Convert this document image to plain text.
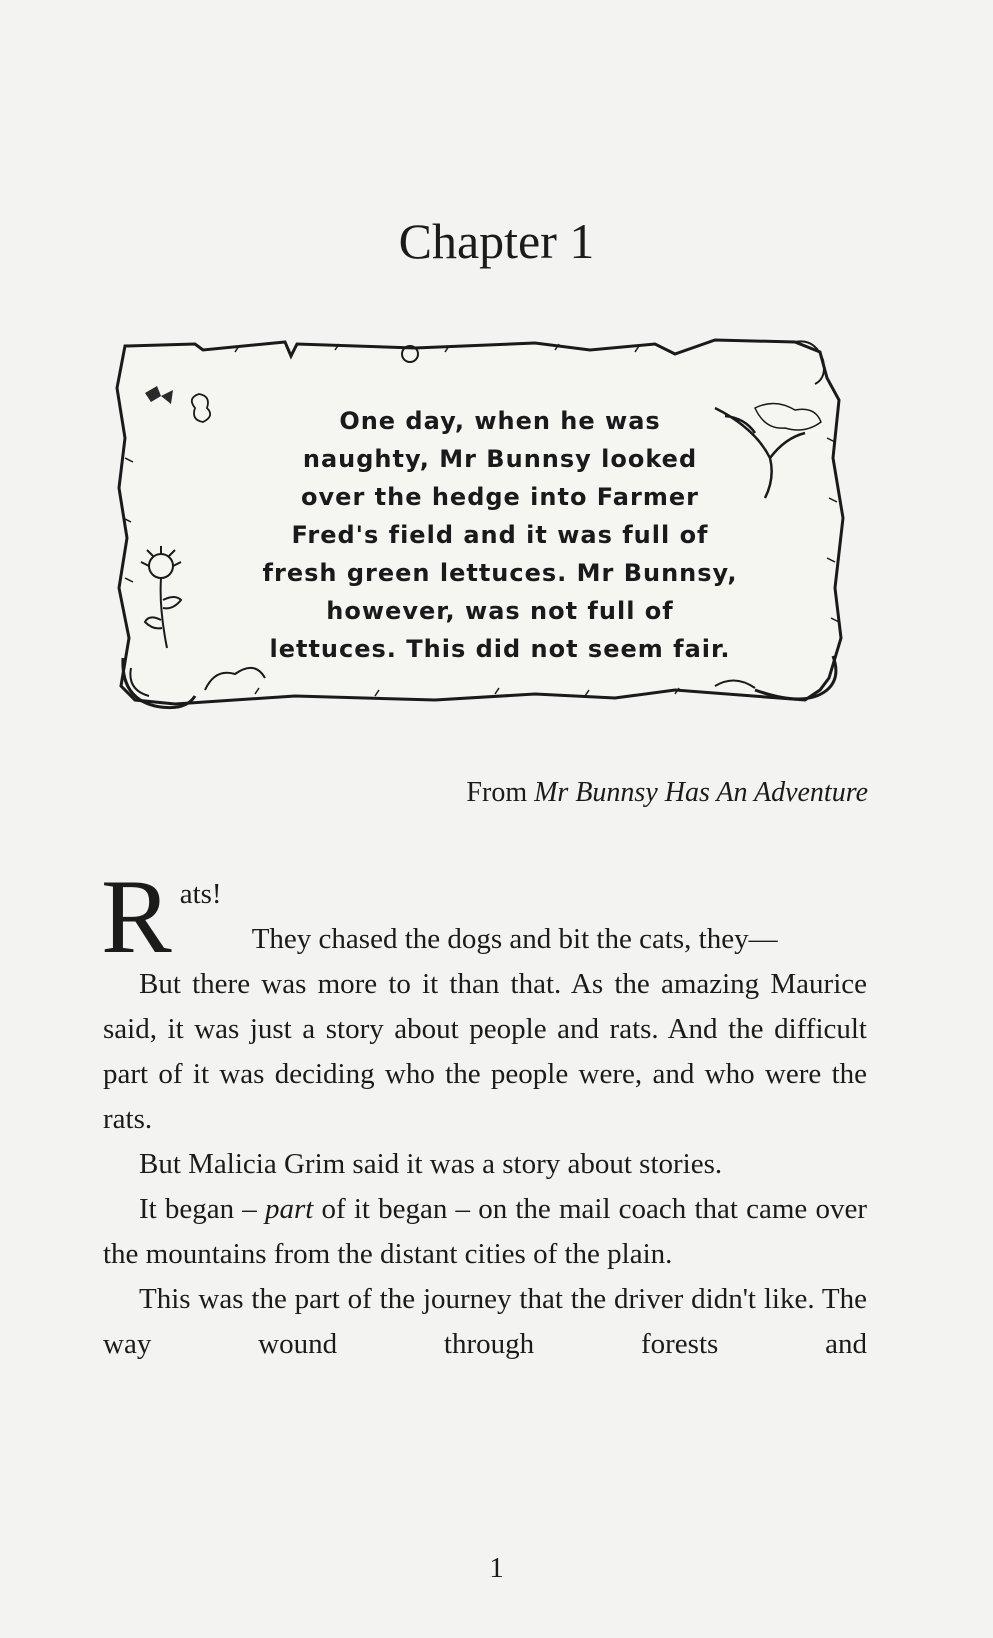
Chapter 1
One day, when he was
naughty, Mr Bunnsy looked
over the hedge into Farmer
Fred's field and it was full of
fresh green lettuces. Mr Bunnsy,
however, was not full of
lettuces. This did not seem fair.
From Mr Bunnsy Has An Adventure

Rats!
They chased the dogs and bit the cats, they—

But there was more to it than that. As the amazing Maurice said, it was just a story about people and rats. And the difficult part of it was deciding who the people were, and who were the rats.

But Malicia Grim said it was a story about stories.

It began – part of it began – on the mail coach that came over the mountains from the distant cities of the plain.

This was the part of the journey that the driver didn't like. The way wound through forests and

1
